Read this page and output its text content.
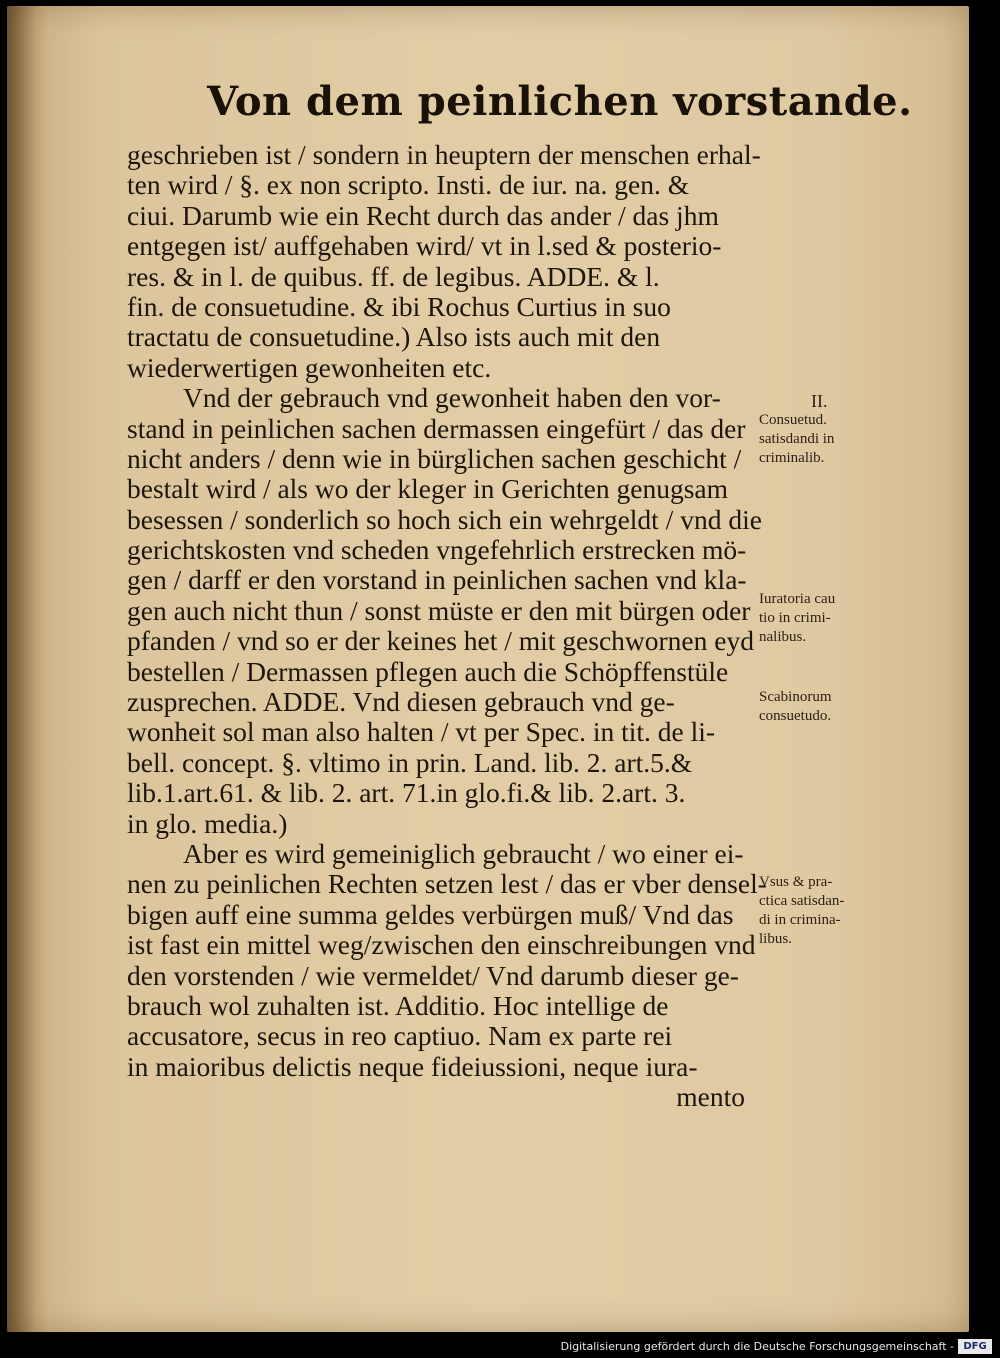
Von dem peinlichen vorstande.
geschrieben ist / sondern in heuptern der menschen erhal-
ten wird / §. ex non scripto. Insti. de iur. na. gen. &
ciui. Darumb wie ein Recht durch das ander / das jhm
entgegen ist/ auffgehaben wird/ vt in l.sed & posterio-
res. & in l. de quibus. ff. de legibus. ADDE. & l.
fin. de consuetudine. & ibi Rochus Curtius in suo
tractatu de consuetudine.) Also ists auch mit den
wiederwertigen gewonheiten etc.
Vnd der gebrauch vnd gewonheit haben den vor-
stand in peinlichen sachen dermassen eingefürt / das der
nicht anders / denn wie in bürglichen sachen geschicht /
bestalt wird / als wo der kleger in Gerichten genugsam
besessen / sonderlich so hoch sich ein wehrgeldt / vnd die
gerichtskosten vnd scheden vngefehrlich erstrecken mö-
gen / darff er den vorstand in peinlichen sachen vnd kla-
gen auch nicht thun / sonst müste er den mit bürgen oder
pfanden / vnd so er der keines het / mit geschwornen eyd
bestellen / Dermassen pflegen auch die Schöpffenstüle
zusprechen. ADDE. Vnd diesen gebrauch vnd ge-
wonheit sol man also halten / vt per Spec. in tit. de li-
bell. concept. §. vltimo in prin. Land. lib. 2. art.5.&
lib.1.art.61. & lib. 2. art. 71.in glo.fi.& lib. 2.art. 3.
in glo. media.)
Aber es wird gemeiniglich gebraucht / wo einer ei-
nen zu peinlichen Rechten setzen lest / das er vber densel-
bigen auff eine summa geldes verbürgen muß/ Vnd das
ist fast ein mittel weg/zwischen den einschreibungen vnd
den vorstenden / wie vermeldet/ Vnd darumb dieser ge-
brauch wol zuhalten ist. Additio. Hoc intellige de
accusatore, secus in reo captiuo. Nam ex parte rei
in maioribus delictis neque fideiussioni, neque iura-
mento
II.
Consuetud.
satisdandi in
criminalib.
Iuratoria cau
tio in crimi-
nalibus.
Scabinorum
consuetudo.
Vsus & pra-
ctica satisdan-
di in crimina-
libus.
Digitalisierung gefördert durch die Deutsche Forschungsgemeinschaft - DFG
